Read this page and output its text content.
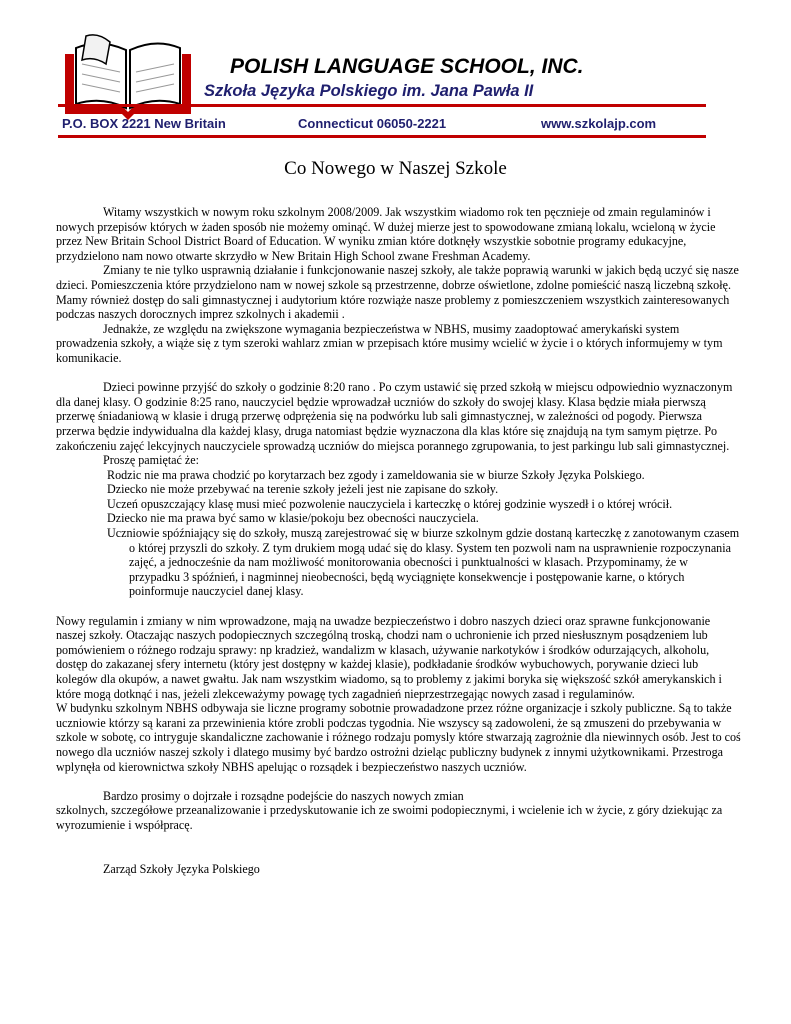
POLISH LANGUAGE SCHOOL, INC.
Szkoła Języka Polskiego im. Jana Pawła II
P.O. BOX 2221 New Britain	Connecticut 06050-2221	www.szkolajp.com
Co Nowego w Naszej Szkole

Witamy wszystkich w nowym roku szkolnym 2008/2009. Jak wszystkim wiadomo rok ten pęcznieje od zmain regulaminów i nowych przepisów których w żaden sposób nie możemy ominąć. W dużej mierze jest to spowodowane zmianą lokalu, wcieloną w życie przez New Britain School District Board of Education. W wyniku zmian które dotknęły wszystkie sobotnie programy edukacyjne, przydzielono nam nowo otwarte skrzydło w New Britain High School zwane Freshman Academy.

Zmiany te nie tylko usprawnią działanie i funkcjonowanie naszej szkoły, ale także poprawią warunki w jakich będą uczyć się nasze dzieci. Pomieszczenia które przydzielono nam w nowej szkole są przestrzenne, dobrze oświetlone, zdolne pomieścić naszą liczebną szkołę. Mamy również dostęp do sali gimnastycznej i audytorium które rozwiąże nasze problemy z pomieszczeniem wszystkich zainteresowanych podczas naszych dorocznych imprez szkolnych i akademii .

Jednakże, ze względu na zwiększone wymagania bezpieczeństwa w NBHS, musimy zaadoptować amerykański system prowadzenia szkoły, a wiąże się z tym szeroki wahlarz zmian w przepisach które musimy wcielić w życie i o których informujemy w tym komunikacie.

Dzieci powinne przyjść do szkoły o godzinie 8:20 rano . Po czym ustawić się przed szkołą w miejscu odpowiednio wyznaczonym dla danej klasy. O godzinie 8:25 rano, nauczyciel będzie wprowadzał uczniów do szkoły do swojej klasy. Klasa będzie miała pierwszą przerwę śniadaniową w klasie i drugą przerwę odprężenia się na podwórku lub sali gimnastycznej, w zależności od pogody. Pierwsza przerwa będzie indywidualna dla każdej klasy, druga natomiast będzie wyznaczona dla klas które się znajdują na tym samym piętrze. Po zakończeniu zajęć lekcyjnych nauczyciele sprowadzą uczniów do miejsca porannego zgrupowania, to jest parkingu lub sali gimnastycznej.

Proszę pamiętać że:

Rodzic nie ma prawa chodzić po korytarzach bez zgody i zameldowania sie w biurze Szkoły Języka Polskiego.
Dziecko nie może przebywać na terenie szkoły jeżeli jest nie zapisane do szkoły.
Uczeń opuszczający klasę musi mieć pozwolenie nauczyciela i karteczkę o której godzinie wyszedł i o której wrócił.
Dziecko nie ma prawa być samo w klasie/pokoju bez obecności nauczyciela.
Uczniowie spóźniający się do szkoły, muszą zarejestrować się w biurze szkolnym gdzie dostaną karteczkę z zanotowanym czasem o której przyszli do szkoły. Z tym drukiem mogą udać się do klasy. System ten pozwoli nam na usprawnienie rozpoczynania zajęć, a jednocześnie da nam możliwość monitorowania obecności i punktualności w klasach. Przypominamy, że w przypadku 3 spóźnień, i nagminnej nieobecności, będą wyciągnięte konsekwencje i postępowanie karne, o których poinformuje nauczyciel danej klasy.

Nowy regulamin i zmiany w nim wprowadzone, mają na uwadze bezpieczeństwo i dobro naszych dzieci oraz sprawne funkcjonowanie naszej szkoły. Otaczając naszych podopiecznych szczególną troską, chodzi nam o uchronienie ich przed niesłusznym posądzeniem lub pomówieniem o różnego rodzaju sprawy: np kradzież, wandalizm w klasach, używanie narkotyków i środków odurzających, alkoholu, dostęp do zakazanej sfery internetu (który jest dostępny w każdej klasie), podkładanie środków wybuchowych, porywanie dzieci lub kolegów dla okupów, a nawet gwałtu. Jak nam wszystkim wiadomo, są to problemy z jakimi boryka się większość szkół amerykanskich i które mogą dotknąć i nas, jeżeli zlekceważymy powagę tych zagadnień nieprzestrzegając nowych zasad i regulaminów.

W budynku szkolnym NBHS odbywaja sie liczne programy sobotnie prowadadzone przez różne organizacje i szkoly publiczne. Są to także uczniowie którzy są karani za przewinienia które zrobli podczas tygodnia. Nie wszyscy są zadowoleni, że są zmuszeni do przebywania w szkole w sobotę, co intryguje skandaliczne zachowanie i różnego rodzaju pomysly które stwarzają zagrożnie dla niewinnych osób. Jest to coś nowego dla uczniów naszej szkoly i dlatego musimy być bardzo ostrożni dzieląc publiczny budynek z innymi użytkownikami. Przestroga wplynęła od kierownictwa szkoły NBHS apelując o rozsądek i bezpieczeństwo naszych uczniów.

Bardzo prosimy o dojrzałe i rozsądne podejście do naszych nowych zmian

szkolnych, szczegółowe przeanalizowanie i przedyskutowanie ich ze swoimi podopiecznymi, i wcielenie ich w życie, z góry dziekując za wyrozumienie i współpracę.

Zarząd Szkoły Języka Polskiego
